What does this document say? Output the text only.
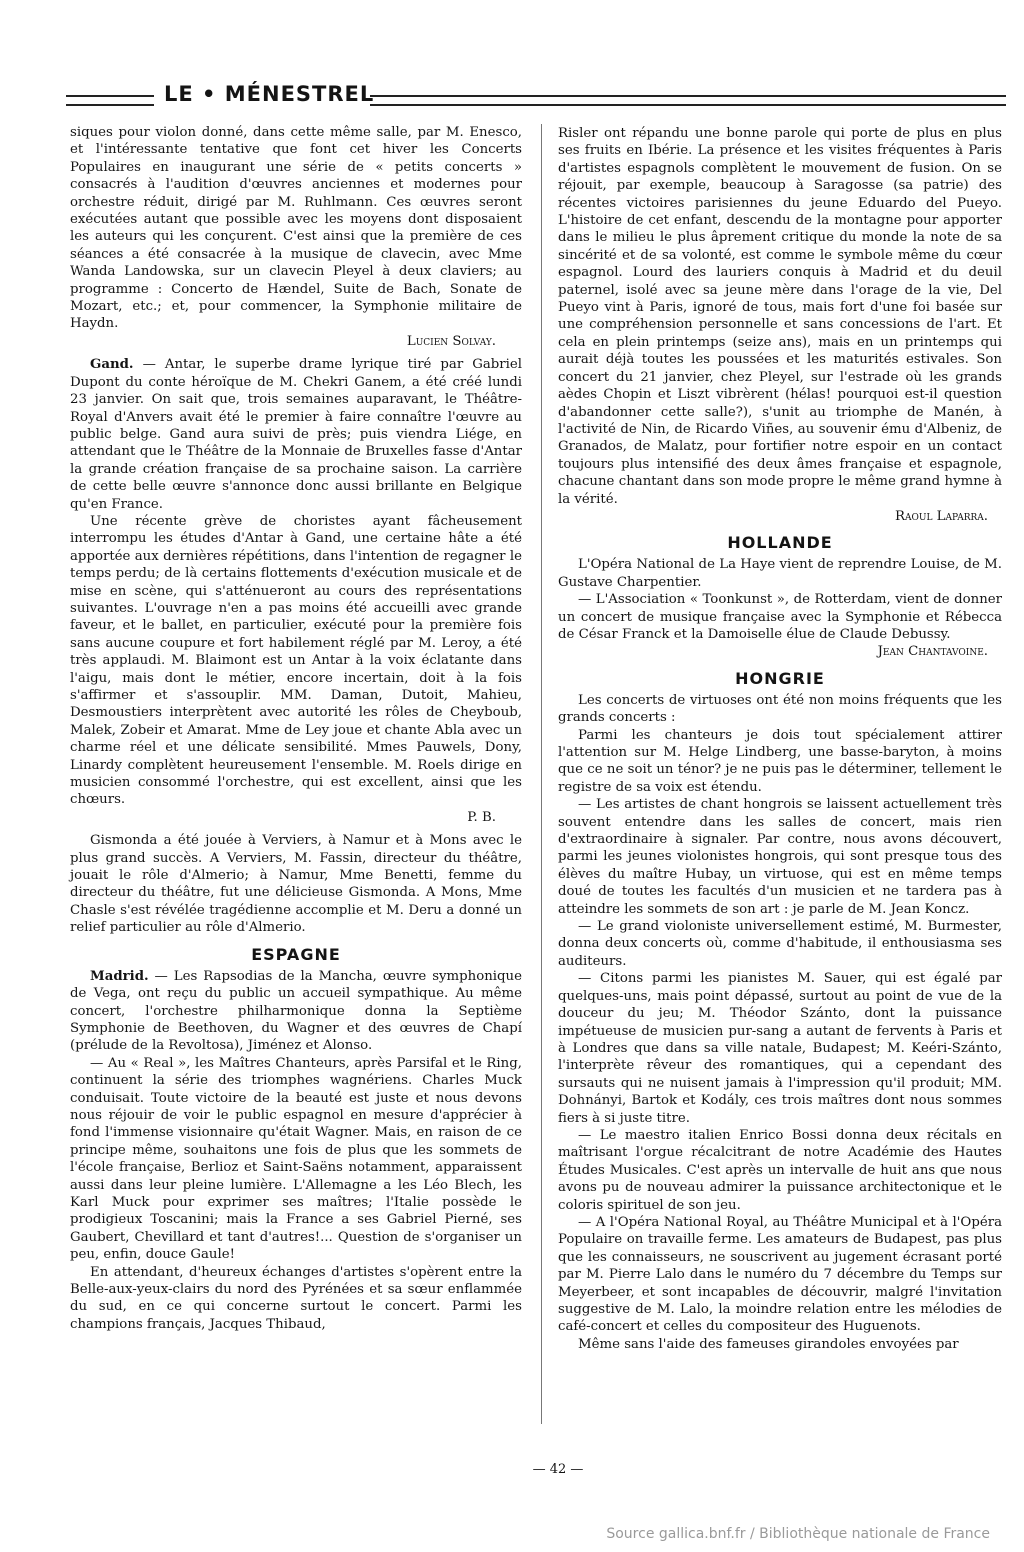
LE • MÉNESTREL

siques pour violon donné, dans cette même salle, par M. Enesco, et l'intéressante tentative que font cet hiver les Concerts Populaires en inaugurant une série de « petits concerts » consacrés à l'audition d'œuvres anciennes et modernes pour orchestre réduit, dirigé par M. Ruhlmann. Ces œuvres seront exécutées autant que possible avec les moyens dont disposaient les auteurs qui les conçurent. C'est ainsi que la première de ces séances a été consacrée à la musique de clavecin, avec Mme Wanda Landowska, sur un clavecin Pleyel à deux claviers; au programme : Concerto de Hændel, Suite de Bach, Sonate de Mozart, etc.; et, pour commencer, la Symphonie militaire de Haydn.

Lucien Solvay.

Gand. — Antar, le superbe drame lyrique tiré par Gabriel Dupont du conte héroïque de M. Chekri Ganem, a été créé lundi 23 janvier. On sait que, trois semaines auparavant, le Théâtre-Royal d'Anvers avait été le premier à faire connaître l'œuvre au public belge. Gand aura suivi de près; puis viendra Liége, en attendant que le Théâtre de la Monnaie de Bruxelles fasse d'Antar la grande création française de sa prochaine saison. La carrière de cette belle œuvre s'annonce donc aussi brillante en Belgique qu'en France.

Une récente grève de choristes ayant fâcheusement interrompu les études d'Antar à Gand, une certaine hâte a été apportée aux dernières répétitions, dans l'intention de regagner le temps perdu; de là certains flottements d'exécution musicale et de mise en scène, qui s'atténueront au cours des représentations suivantes. L'ouvrage n'en a pas moins été accueilli avec grande faveur, et le ballet, en particulier, exécuté pour la première fois sans aucune coupure et fort habilement réglé par M. Leroy, a été très applaudi. M. Blaimont est un Antar à la voix éclatante dans l'aigu, mais dont le métier, encore incertain, doit à la fois s'affirmer et s'assouplir. MM. Daman, Dutoit, Mahieu, Desmoustiers interprètent avec autorité les rôles de Cheyboub, Malek, Zobeir et Amarat. Mme de Ley joue et chante Abla avec un charme réel et une délicate sensibilité. Mmes Pauwels, Dony, Linardy complètent heureusement l'ensemble. M. Roels dirige en musicien consommé l'orchestre, qui est excellent, ainsi que les chœurs.

P. B.

Gismonda a été jouée à Verviers, à Namur et à Mons avec le plus grand succès. A Verviers, M. Fassin, directeur du théâtre, jouait le rôle d'Almerio; à Namur, Mme Benetti, femme du directeur du théâtre, fut une délicieuse Gismonda. A Mons, Mme Chasle s'est révélée tragédienne accomplie et M. Deru a donné un relief particulier au rôle d'Almerio.

ESPAGNE

Madrid. — Les Rapsodias de la Mancha, œuvre symphonique de Vega, ont reçu du public un accueil sympathique. Au même concert, l'orchestre philharmonique donna la Septième Symphonie de Beethoven, du Wagner et des œuvres de Chapí (prélude de la Revoltosa), Jiménez et Alonso.

— Au « Real », les Maîtres Chanteurs, après Parsifal et le Ring, continuent la série des triomphes wagnériens. Charles Muck conduisait. Toute victoire de la beauté est juste et nous devons nous réjouir de voir le public espagnol en mesure d'apprécier à fond l'immense visionnaire qu'était Wagner. Mais, en raison de ce principe même, souhaitons une fois de plus que les sommets de l'école française, Berlioz et Saint-Saëns notamment, apparaissent aussi dans leur pleine lumière. L'Allemagne a les Léo Blech, les Karl Muck pour exprimer ses maîtres; l'Italie possède le prodigieux Toscanini; mais la France a ses Gabriel Pierné, ses Gaubert, Chevillard et tant d'autres!... Question de s'organiser un peu, enfin, douce Gaule!

En attendant, d'heureux échanges d'artistes s'opèrent entre la Belle-aux-yeux-clairs du nord des Pyrénées et sa sœur enflammée du sud, en ce qui concerne surtout le concert. Parmi les champions français, Jacques Thibaud,

Risler ont répandu une bonne parole qui porte de plus en plus ses fruits en Ibérie. La présence et les visites fréquentes à Paris d'artistes espagnols complètent le mouvement de fusion. On se réjouit, par exemple, beaucoup à Saragosse (sa patrie) des récentes victoires parisiennes du jeune Eduardo del Pueyo. L'histoire de cet enfant, descendu de la montagne pour apporter dans le milieu le plus âprement critique du monde la note de sa sincérité et de sa volonté, est comme le symbole même du cœur espagnol. Lourd des lauriers conquis à Madrid et du deuil paternel, isolé avec sa jeune mère dans l'orage de la vie, Del Pueyo vint à Paris, ignoré de tous, mais fort d'une foi basée sur une compréhension personnelle et sans concessions de l'art. Et cela en plein printemps (seize ans), mais en un printemps qui aurait déjà toutes les poussées et les maturités estivales. Son concert du 21 janvier, chez Pleyel, sur l'estrade où les grands aèdes Chopin et Liszt vibrèrent (hélas! pourquoi est-il question d'abandonner cette salle?), s'unit au triomphe de Manén, à l'activité de Nin, de Ricardo Viñes, au souvenir ému d'Albeniz, de Granados, de Malatz, pour fortifier notre espoir en un contact toujours plus intensifié des deux âmes française et espagnole, chacune chantant dans son mode propre le même grand hymne à la vérité.

Raoul Laparra.

HOLLANDE

L'Opéra National de La Haye vient de reprendre Louise, de M. Gustave Charpentier.

— L'Association « Toonkunst », de Rotterdam, vient de donner un concert de musique française avec la Symphonie et Rébecca de César Franck et la Damoiselle élue de Claude Debussy.

Jean Chantavoine.

HONGRIE

Les concerts de virtuoses ont été non moins fréquents que les grands concerts :

Parmi les chanteurs je dois tout spécialement attirer l'attention sur M. Helge Lindberg, une basse-baryton, à moins que ce ne soit un ténor? je ne puis pas le déterminer, tellement le registre de sa voix est étendu.

— Les artistes de chant hongrois se laissent actuellement très souvent entendre dans les salles de concert, mais rien d'extraordinaire à signaler. Par contre, nous avons découvert, parmi les jeunes violonistes hongrois, qui sont presque tous des élèves du maître Hubay, un virtuose, qui est en même temps doué de toutes les facultés d'un musicien et ne tardera pas à atteindre les sommets de son art : je parle de M. Jean Koncz.

— Le grand violoniste universellement estimé, M. Burmester, donna deux concerts où, comme d'habitude, il enthousiasma ses auditeurs.

— Citons parmi les pianistes M. Sauer, qui est égalé par quelques-uns, mais point dépassé, surtout au point de vue de la douceur du jeu; M. Théodor Szánto, dont la puissance impétueuse de musicien pur-sang a autant de fervents à Paris et à Londres que dans sa ville natale, Budapest; M. Keéri-Szánto, l'interprète rêveur des romantiques, qui a cependant des sursauts qui ne nuisent jamais à l'impression qu'il produit; MM. Dohnányi, Bartok et Kodály, ces trois maîtres dont nous sommes fiers à si juste titre.

— Le maestro italien Enrico Bossi donna deux récitals en maîtrisant l'orgue récalcitrant de notre Académie des Hautes Études Musicales. C'est après un intervalle de huit ans que nous avons pu de nouveau admirer la puissance architectonique et le coloris spirituel de son jeu.

— A l'Opéra National Royal, au Théâtre Municipal et à l'Opéra Populaire on travaille ferme. Les amateurs de Budapest, pas plus que les connaisseurs, ne souscrivent au jugement écrasant porté par M. Pierre Lalo dans le numéro du 7 décembre du Temps sur Meyerbeer, et sont incapables de découvrir, malgré l'invitation suggestive de M. Lalo, la moindre relation entre les mélodies de café-concert et celles du compositeur des Huguenots.

Même sans l'aide des fameuses girandoles envoyées par

— 42 —
Source gallica.bnf.fr / Bibliothèque nationale de France
